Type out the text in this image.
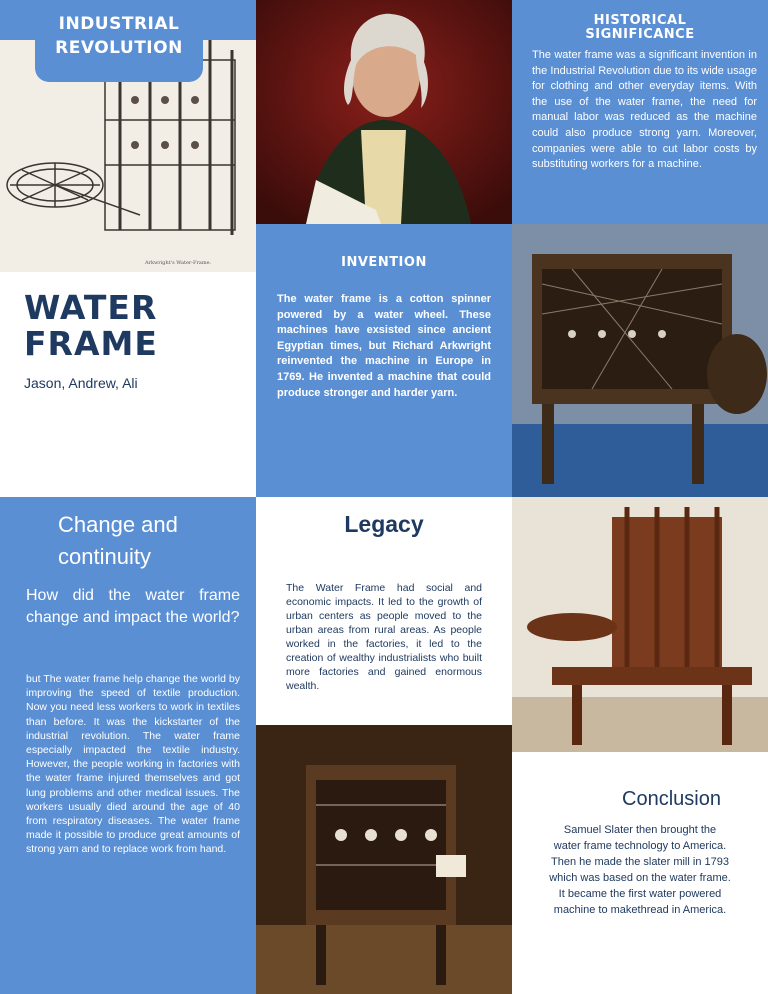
Arkwright's Water-Frame.
INDUSTRIAL
REVOLUTION
HISTORICAL
SIGNIFICANCE
The water frame was a significant invention in the Industrial Revolution due to its wide usage for clothing and other everyday items. With the use of the water frame, the need for manual labor was reduced as the machine could also produce strong yarn. Moreover, companies were able to cut labor costs by substituting workers for a machine.
WATER
FRAME
Jason, Andrew, Ali
INVENTION
The water frame is a cotton spinner powered by a water wheel. These machines have exsisted since ancient Egyptian times, but Richard Arkwright reinvented the machine in Europe in 1769. He invented a machine that could produce stronger and harder yarn.
Change and
continuity
How did the water frame change and impact the world?
but The water frame help change the world by improving the speed of textile production. Now you need less workers to work in textiles than before. It was the kickstarter of the industrial revolution. The water frame especially impacted the textile industry. However, the people working in factories with the water frame injured themselves and got lung problems and other medical issues. The workers usually died around the age of 40 from respiratory diseases. The water frame made it possible to produce great amounts of strong yarn and to replace work from hand.
Legacy
The Water Frame had social and economic impacts. It led to the growth of urban centers as people moved to the urban areas from rural areas. As people worked in the factories, it led to the creation of wealthy industrialists who built more factories and gained enormous wealth.
Conclusion
Samuel Slater then brought the
water frame technology to America.
Then he made the slater mill in 1793
which was based on the water frame.
It became the first water powered
machine to makethread in America.
